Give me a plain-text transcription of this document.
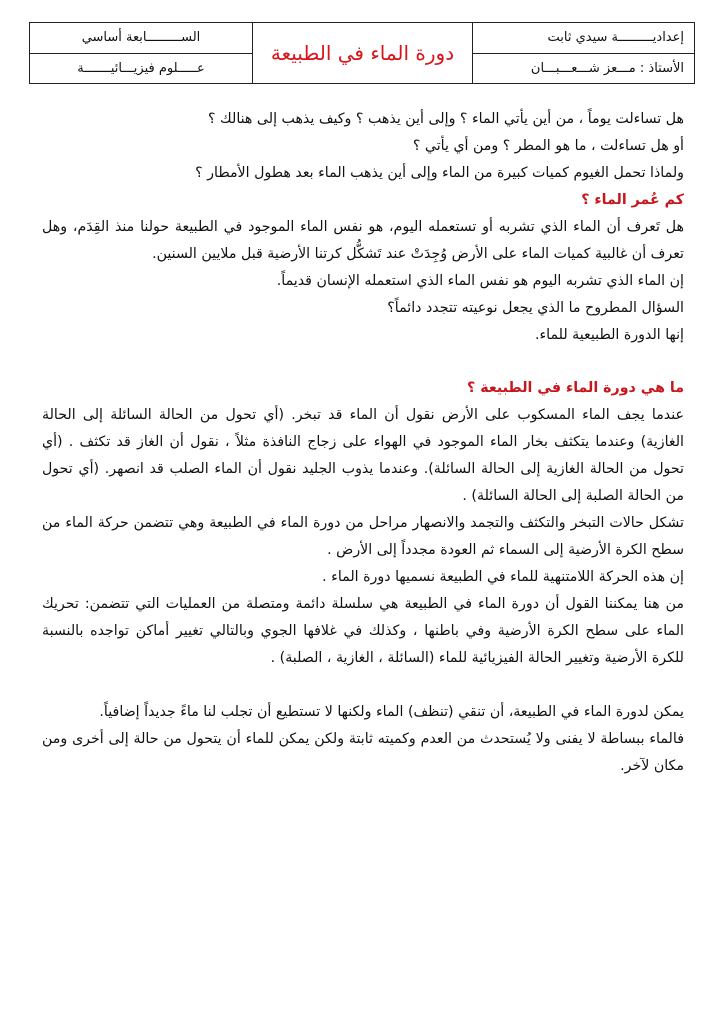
إعداديـــــــــة سيدي ثابت
الأستاذ : مـــعز شـــعـــبـــان
دورة الماء في الطبيعة
الســـــــــابعة أساسي
عـــــلوم فيزيـــائيـــــــة

هل تساءلت يوماً ، من أين يأتي الماء ؟ وإلى أين يذهب ؟ وكيف يذهب إلى هنالك ؟

أو هل تساءلت ، ما هو المطر ؟ ومن أي يأتي ؟

ولماذا تحمل الغيوم كميات كبيرة من الماء وإلى أين يذهب الماء بعد هطول الأمطار ؟

كم عُمر الماء ؟

هل تَعرف أن الماء الذي تشربه أو تستعمله اليوم، هو نفس الماء الموجود في الطبيعة حولنا منذ القِدَم، وهل تعرف أن غالبية كميات الماء على الأرض وُجِدَتْ عند تَشكُّل كرتنا الأرضية قبل ملايين السنين.

إن الماء الذي تشربه اليوم هو نفس الماء الذي استعمله الإنسان قديماً.

السؤال المطروح ما الذي يجعل نوعيته تتجدد دائماً؟

إنها الدورة الطبيعية للماء.

ما هي دورة الماء في الطبيعة ؟

عندما يجف الماء المسكوب على الأرض نقول أن الماء قد تبخر. (أي تحول من الحالة السائلة إلى الحالة الغازية) وعندما يتكثف بخار الماء الموجود في الهواء على زجاج النافذة مثلاً ، نقول أن الغاز قد تكثف . (أي تحول من الحالة الغازية إلى الحالة السائلة). وعندما يذوب الجليد نقول أن الماء الصلب قد انصهر. (أي تحول من الحالة الصلبة إلى الحالة السائلة) .

تشكل حالات التبخر والتكثف والتجمد والانصهار مراحل من دورة الماء في الطبيعة وهي تتضمن حركة الماء من سطح الكرة الأرضية إلى السماء ثم العودة مجدداً إلى الأرض .

إن هذه الحركة اللامتنهية للماء في الطبيعة نسميها دورة الماء .

من هنا يمكننا القول أن دورة الماء في الطبيعة هي سلسلة دائمة ومتصلة من العمليات التي تتضمن: تحريك الماء على سطح الكرة الأرضية وفي باطنها ، وكذلك في غلافها الجوي وبالتالي تغيير أماكن تواجده بالنسبة للكرة الأرضية وتغيير الحالة الفيزيائية للماء (السائلة ، الغازية ، الصلبة) .

يمكن لدورة الماء في الطبيعة، أن تنقي (تنظف) الماء ولكنها لا تستطيع أن تجلب لنا ماءً جديداً إضافياً.

فالماء ببساطة لا يفنى ولا يُستحدث من العدم وكميته ثابتة ولكن يمكن للماء أن يتحول من حالة إلى أخرى ومن مكان لآخر.
